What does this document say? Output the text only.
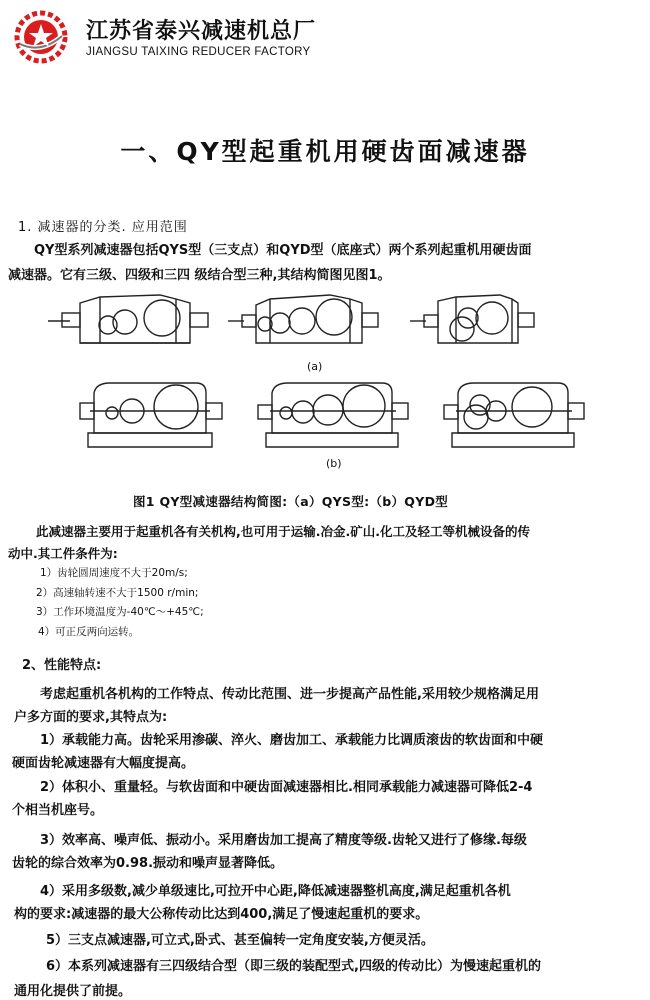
江苏省泰兴减速机总厂
JIANGSU TAIXING REDUCER FACTORY
一、QY型起重机用硬齿面减速器
1. 减速器的分类. 应用范围
QY型系列减速器包括QYS型（三支点）和QYD型（底座式）两个系列起重机用硬齿面
减速器。它有三级、四级和三四 级结合型三种,其结构简图见图1。
(a)
(b)
图1 QY型减速器结构简图:（a）QYS型:（b）QYD型
此减速器主要用于起重机各有关机构,也可用于运输.冶金.矿山.化工及轻工等机械设备的传
动中.其工件条件为:
1）齿轮圆周速度不大于20m/s;
2）高速轴转速不大于1500 r/min;
3）工作环境温度为-40℃～+45℃;
4）可正反两向运转。
2、性能特点:
考虑起重机各机构的工作特点、传动比范围、进一步提高产品性能,采用较少规格满足用
户多方面的要求,其特点为:
1）承载能力高。齿轮采用渗碳、淬火、磨齿加工、承载能力比调质滚齿的软齿面和中硬
硬面齿轮减速器有大幅度提高。
2）体积小、重量轻。与软齿面和中硬齿面减速器相比.相同承载能力减速器可降低2-4
个相当机座号。
3）效率高、噪声低、振动小。采用磨齿加工提高了精度等级.齿轮又进行了修缘.每级
齿轮的综合效率为0.98.振动和噪声显著降低。
4）采用多级数,减少单级速比,可拉开中心距,降低减速器整机高度,满足起重机各机
构的要求:减速器的最大公称传动比达到400,满足了慢速起重机的要求。
5）三支点减速器,可立式,卧式、甚至偏转一定角度安装,方便灵活。
6）本系列减速器有三四级结合型（即三级的装配型式,四级的传动比）为慢速起重机的
通用化提供了前提。
